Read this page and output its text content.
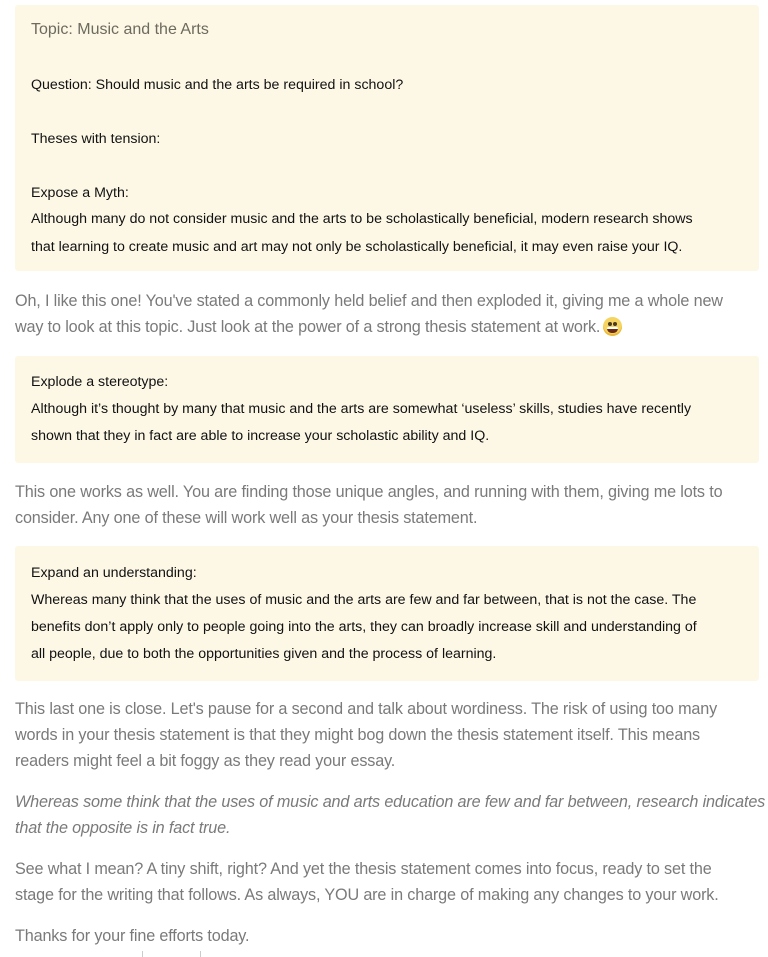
Topic: Music and the Arts
Question: Should music and the arts be required in school?
Theses with tension:
Expose a Myth:
Although many do not consider music and the arts to be scholastically beneficial, modern research shows
that learning to create music and art may not only be scholastically beneficial, it may even raise your IQ.
Oh, I like this one! You've stated a commonly held belief and then exploded it, giving me a whole new
way to look at this topic. Just look at the power of a strong thesis statement at work.
Explode a stereotype:
Although it’s thought by many that music and the arts are somewhat ‘useless’ skills, studies have recently
shown that they in fact are able to increase your scholastic ability and IQ.
This one works as well. You are finding those unique angles, and running with them, giving me lots to
consider. Any one of these will work well as your thesis statement.
Expand an understanding:
Whereas many think that the uses of music and the arts are few and far between, that is not the case. The
benefits don’t apply only to people going into the arts, they can broadly increase skill and understanding of
all people, due to both the opportunities given and the process of learning.
This last one is close. Let's pause for a second and talk about wordiness. The risk of using too many
words in your thesis statement is that they might bog down the thesis statement itself. This means
readers might feel a bit foggy as they read your essay.
Whereas some think that the uses of music and arts education are few and far between, research indicates
that the opposite is in fact true.
See what I mean? A tiny shift, right? And yet the thesis statement comes into focus, ready to set the
stage for the writing that follows. As always, YOU are in charge of making any changes to your work.
Thanks for your fine efforts today.
